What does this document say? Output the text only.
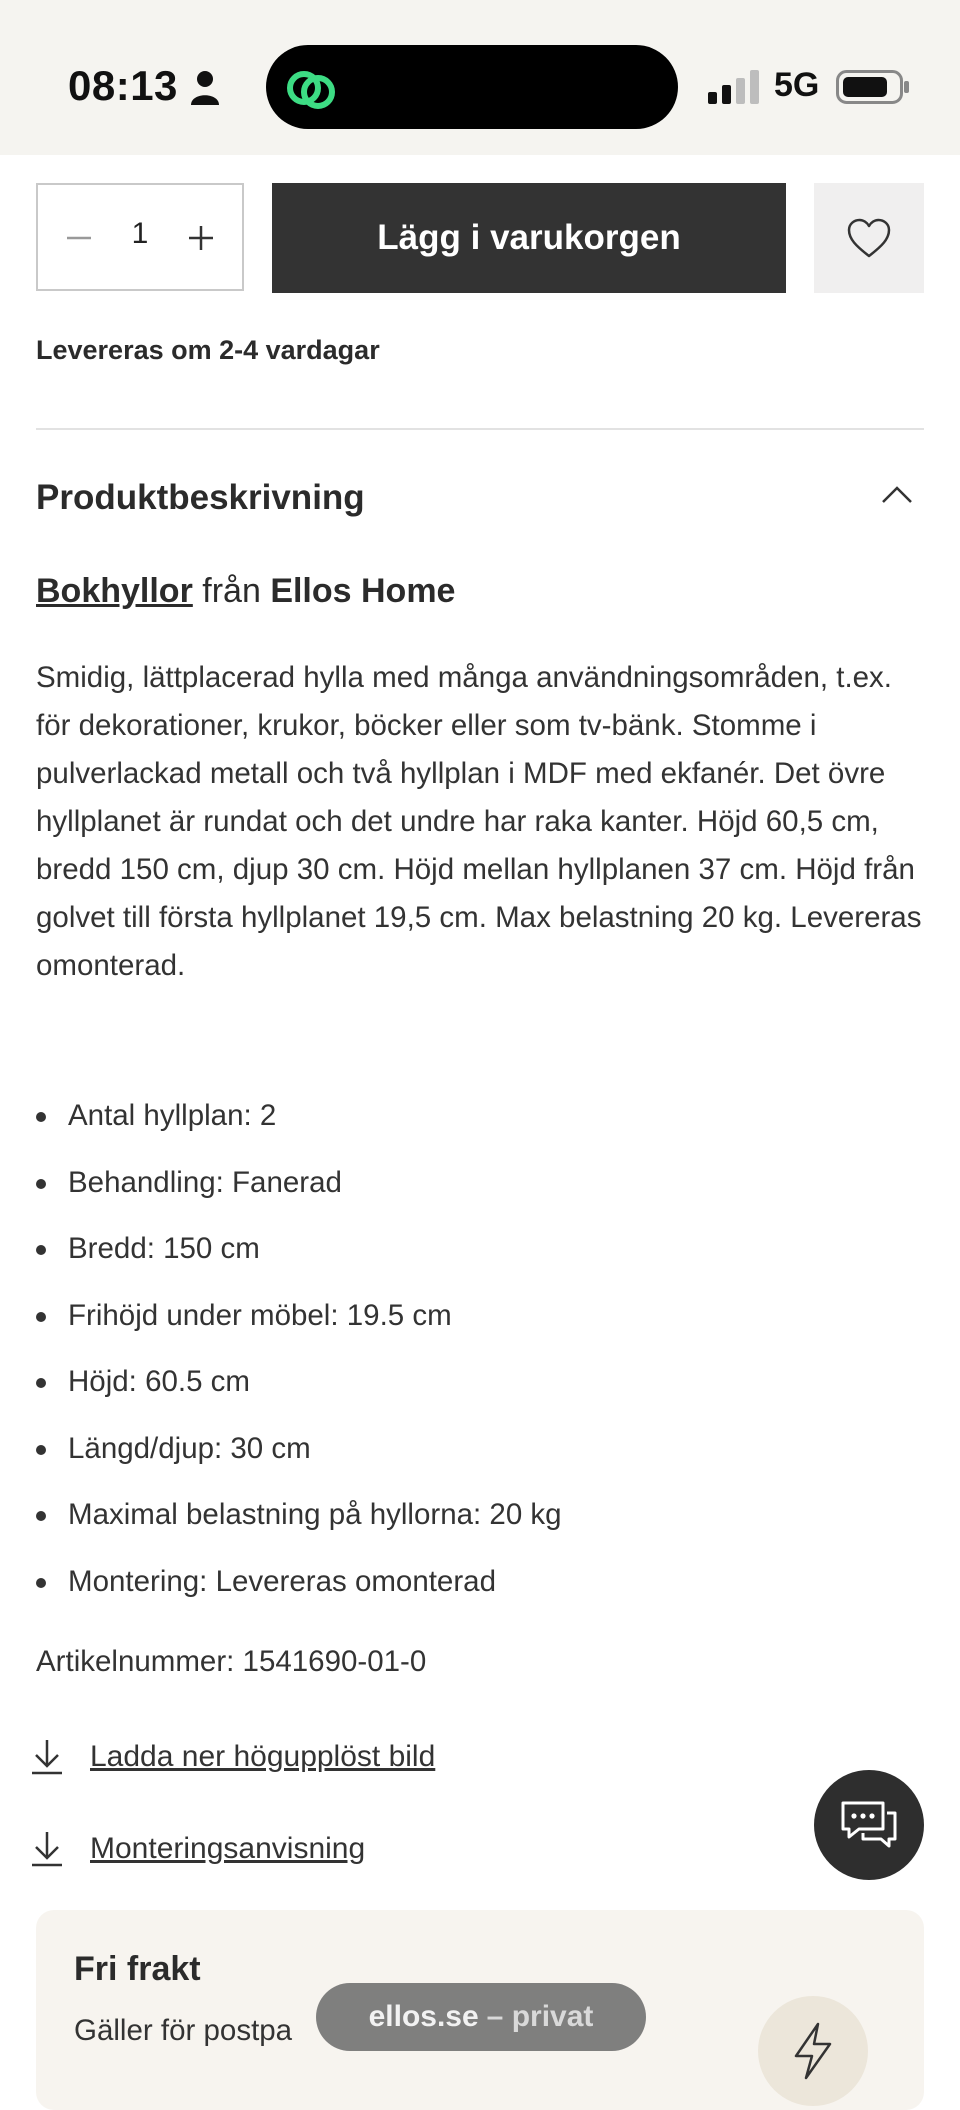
08:13	5G
1	Lägg i varukorgen
Levereras om 2-4 vardagar
Produktbeskrivning
Bokhyllor från Ellos Home

Smidig, lättplacerad hylla med många användningsområden, t.ex. för dekorationer, krukor, böcker eller som tv-bänk. Stomme i pulverlackad metall och två hyllplan i MDF med ekfanér. Det övre hyllplanet är rundat och det undre har raka kanter. Höjd 60,5 cm, bredd 150 cm, djup 30 cm. Höjd mellan hyllplanen 37 cm. Höjd från golvet till första hyllplanet 19,5 cm. Max belastning 20 kg. Levereras omonterad.

Antal hyllplan: 2
Behandling: Fanerad
Bredd: 150 cm
Frihöjd under möbel: 19.5 cm
Höjd: 60.5 cm
Längd/djup: 30 cm
Maximal belastning på hyllorna: 20 kg
Montering: Levereras omonterad
Artikelnummer: 1541690-01-0
Ladda ner högupplöst bild
Monteringsanvisning
Fri frakt
Gäller för postpa	ellos.se – privat
